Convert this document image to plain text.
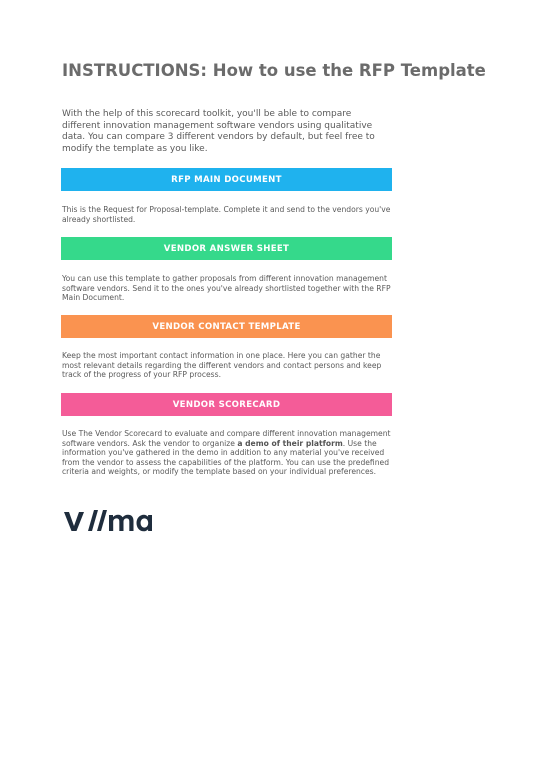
INSTRUCTIONS: How to use the RFP Template
With the help of this scorecard toolkit, you'll be able to compare different innovation management software vendors using qualitative data. You can compare 3 different vendors by default, but feel free to modify the template as you like.
RFP MAIN DOCUMENT
This is the Request for Proposal-template. Complete it and send to the vendors you've already shortlisted.
VENDOR ANSWER SHEET
You can use this template to gather proposals from different innovation management software vendors. Send it to the ones you've already shortlisted together with the RFP Main Document.
VENDOR CONTACT TEMPLATE
Keep the most important contact information in one place. Here you can gather the most relevant details regarding the different vendors and contact persons and keep track of the progress of your RFP process.
VENDOR SCORECARD
Use The Vendor Scorecard to evaluate and compare different innovation management software vendors. Ask the vendor to organize a demo of their platform. Use the information you've gathered in the demo in addition to any material you've received from the vendor to assess the capabilities of the platform. You can use the predefined criteria and weights, or modify the template based on your individual preferences.
